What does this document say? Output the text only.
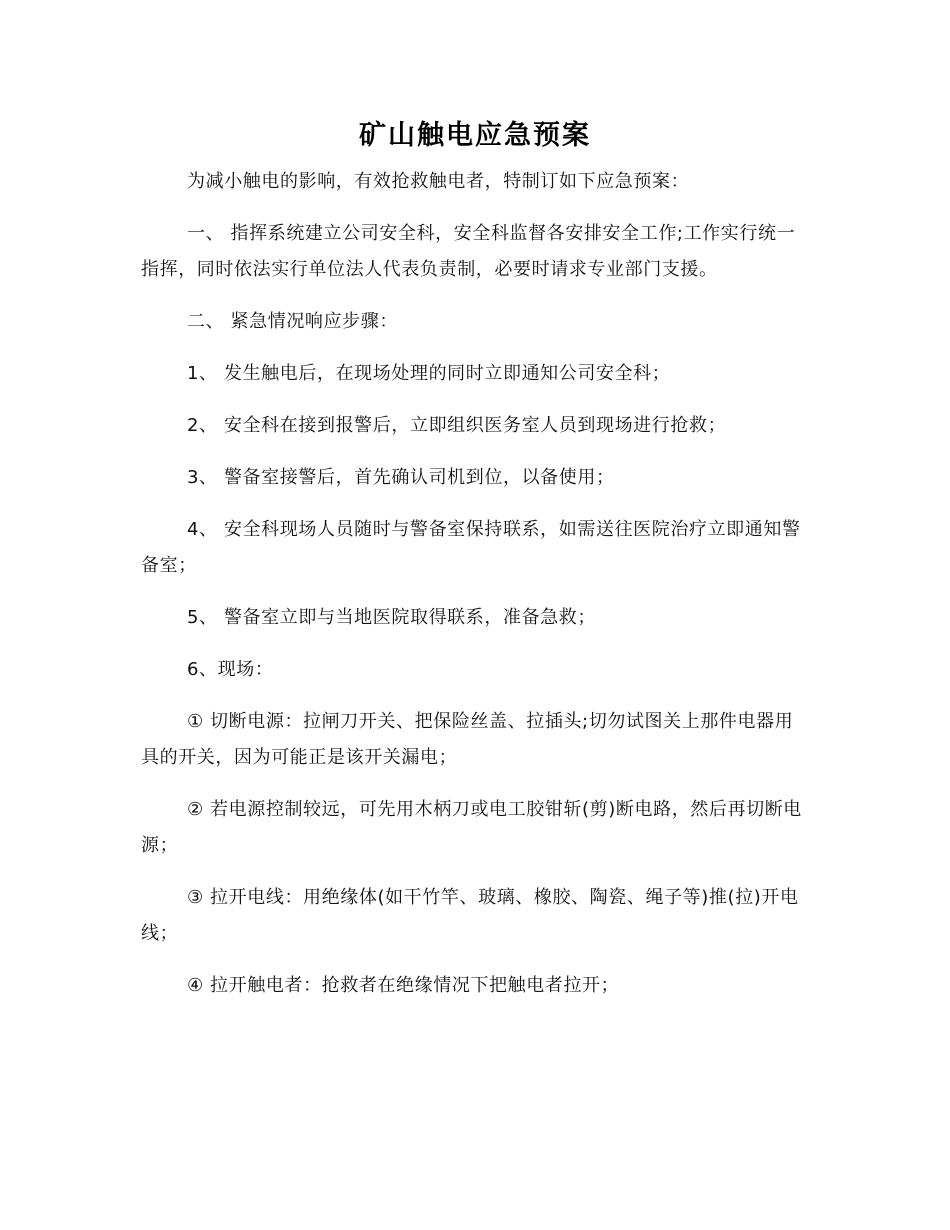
矿山触电应急预案

为减小触电的影响，有效抢救触电者，特制订如下应急预案：

一、 指挥系统建立公司安全科，安全科监督各安排安全工作;工作实行统一指挥，同时依法实行单位法人代表负责制，必要时请求专业部门支援。

二、 紧急情况响应步骤：

1、 发生触电后，在现场处理的同时立即通知公司安全科；

2、 安全科在接到报警后，立即组织医务室人员到现场进行抢救；

3、 警备室接警后，首先确认司机到位，以备使用；

4、 安全科现场人员随时与警备室保持联系，如需送往医院治疗立即通知警备室；

5、 警备室立即与当地医院取得联系，准备急救；

6、现场：

① 切断电源：拉闸刀开关、把保险丝盖、拉插头;切勿试图关上那件电器用具的开关，因为可能正是该开关漏电；

② 若电源控制较远，可先用木柄刀或电工胶钳斩(剪)断电路，然后再切断电源；

③ 拉开电线：用绝缘体(如干竹竿、玻璃、橡胶、陶瓷、绳子等)推(拉)开电线；

④ 拉开触电者：抢救者在绝缘情况下把触电者拉开；
